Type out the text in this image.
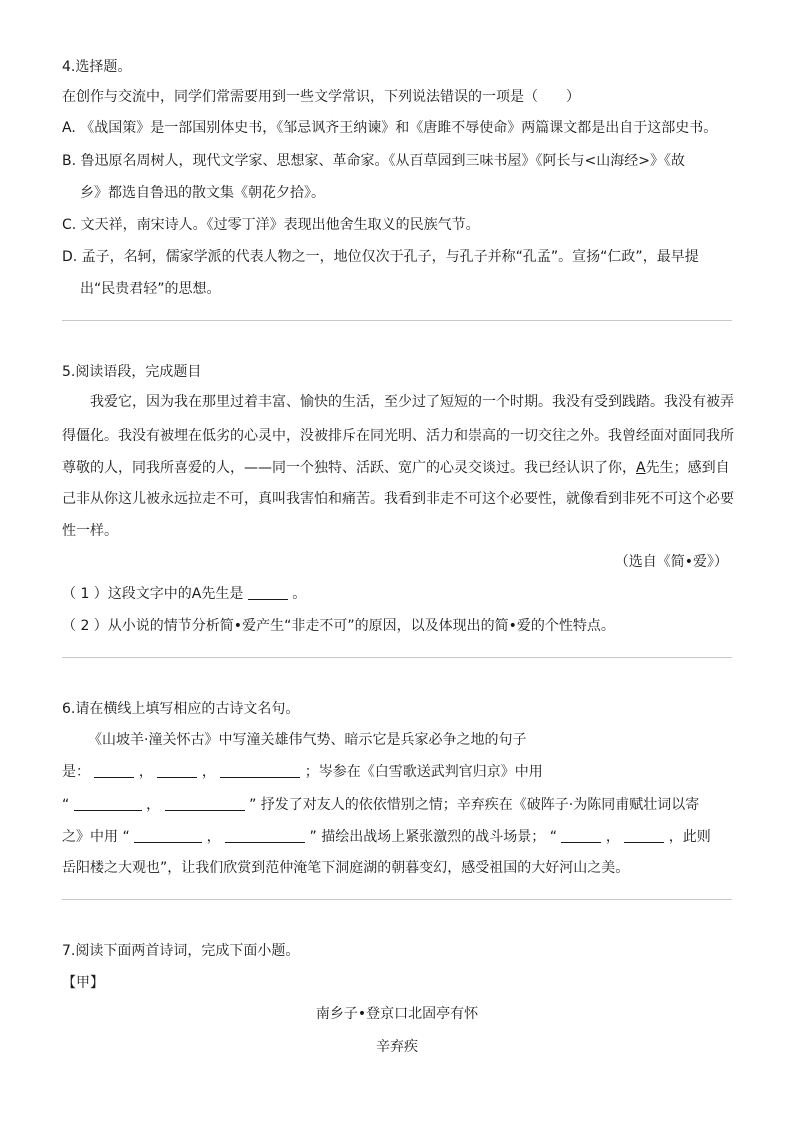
4.选择题。
在创作与交流中，同学们常需要用到一些文学常识，下列说法错误的一项是（　　）
A. 《战国策》是一部国别体史书，《邹忌讽齐王纳谏》和《唐雎不辱使命》两篇课文都是出自于这部史书。
B. 鲁迅原名周树人，现代文学家、思想家、革命家。《从百草园到三味书屋》《阿长与<山海经>》《故
乡》都选自鲁迅的散文集《朝花夕拾》。
C. 文天祥，南宋诗人。《过零丁洋》表现出他舍生取义的民族气节。
D. 孟子，名轲，儒家学派的代表人物之一，地位仅次于孔子，与孔子并称“孔孟”。宣扬“仁政”，最早提
出“民贵君轻”的思想。
5.阅读语段，完成题目
我爱它，因为我在那里过着丰富、愉快的生活，至少过了短短的一个时期。我没有受到践踏。我没有被弄
得僵化。我没有被埋在低劣的心灵中，没被排斥在同光明、活力和崇高的一切交往之外。我曾经面对面同我所
尊敬的人，同我所喜爱的人，——同一个独特、活跃、宽广的心灵交谈过。我已经认识了你，A先生；感到自
己非从你这儿被永远拉走不可，真叫我害怕和痛苦。我看到非走不可这个必要性，就像看到非死不可这个必要
性一样。
（选自《简•爱》）
（ 1 ）这段文字中的A先生是	。
（ 2 ）从小说的情节分析简•爱产生“非走不可”的原因，以及体现出的简•爱的个性特点。
6.请在横线上填写相应的古诗文名句。
《山坡羊·潼关怀古》中写潼关雄伟气势、暗示它是兵家必争之地的句子
是：	，	，	；岑参在《白雪歌送武判官归京》中用
“	，	” 抒发了对友人的依依惜别之情；辛弃疾在《破阵子·为陈同甫赋壮词以寄
之》中用 “	，	” 描绘出战场上紧张激烈的战斗场景； “	，	，此则
岳阳楼之大观也”，让我们欣赏到范仲淹笔下洞庭湖的朝暮变幻，感受祖国的大好河山之美。
7.阅读下面两首诗词，完成下面小题。
【甲】
南乡子•登京口北固亭有怀
辛弃疾
